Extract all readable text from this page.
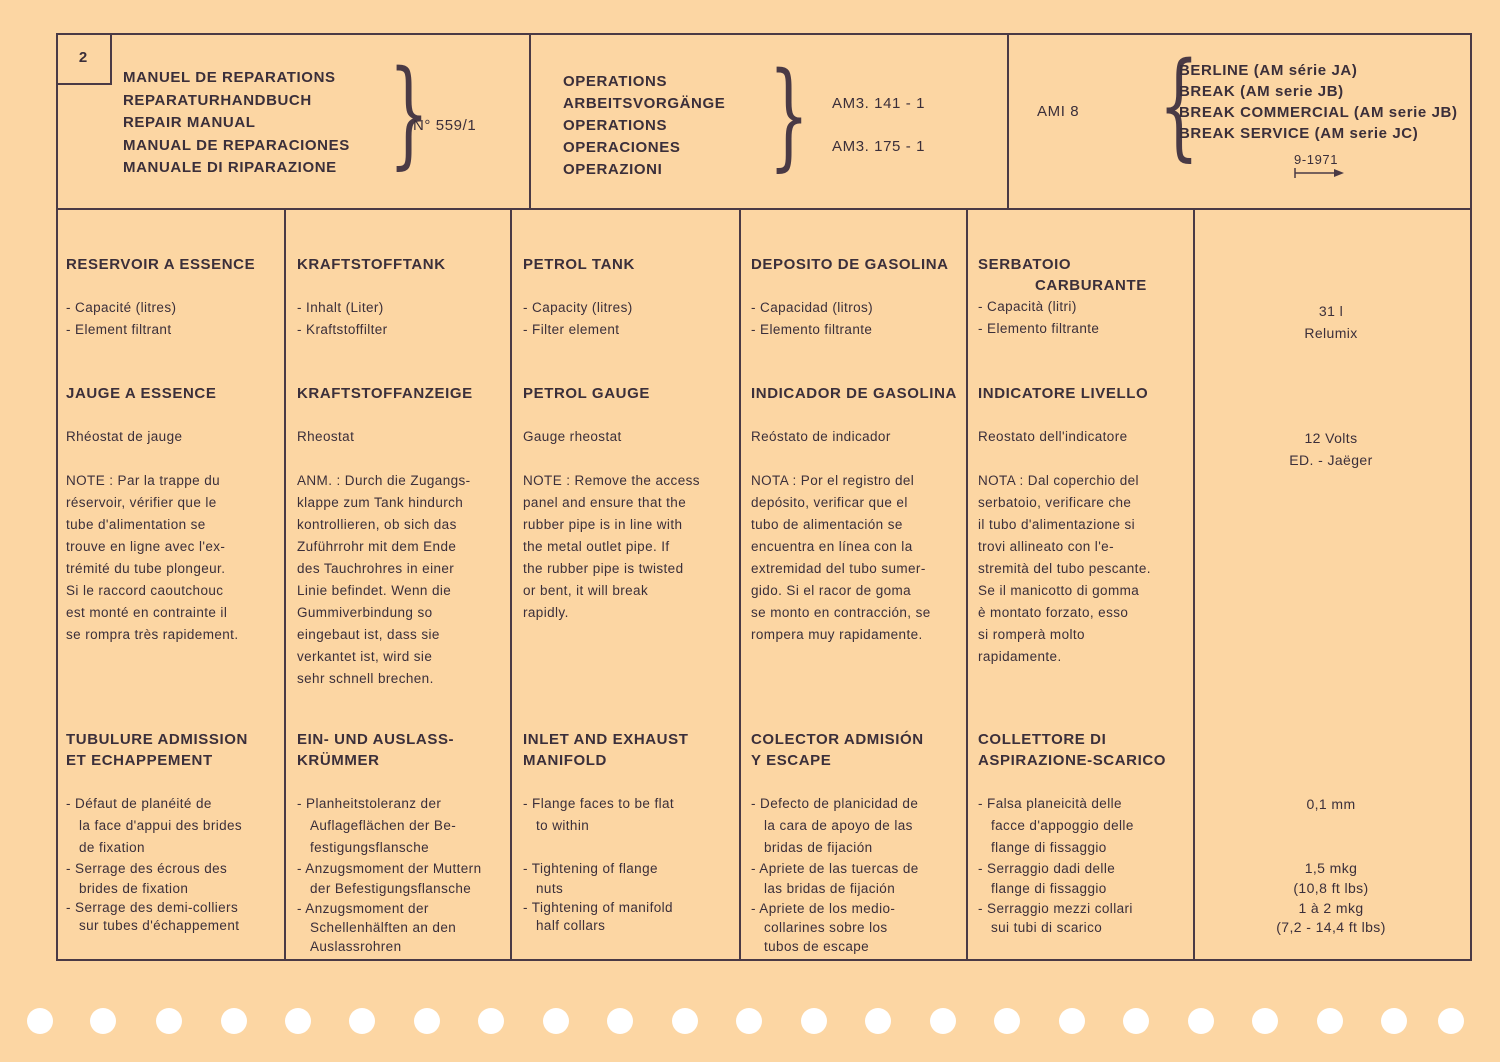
2
MANUEL DE REPARATIONS
REPARATURHANDBUCH
REPAIR MANUAL
MANUAL DE REPARACIONES
MANUALE DI RIPARAZIONE }
N° 559/1
OPERATIONS
ARBEITSVORGÄNGE
OPERATIONS
OPERACIONES
OPERAZIONI } AM3. 141 - 1
AM3. 175 - 1
AMI 8 {
BERLINE (AM série JA)
BREAK (AM serie JB)
BREAK COMMERCIAL (AM serie JB)
BREAK SERVICE (AM serie JC)
9-1971
RESERVOIR A ESSENCE
- Capacité (litres)
- Element filtrant
KRAFTSTOFFTANK
- Inhalt (Liter)
- Kraftstoffilter
PETROL TANK
- Capacity (litres)
- Filter element
DEPOSITO DE GASOLINA
- Capacidad (litros)
- Elemento filtrante
SERBATOIO
CARBURANTE
- Capacità (litri)
- Elemento filtrante
31 l
Relumix
JAUGE A ESSENCE
Rhéostat de jauge
NOTE : Par la trappe du
réservoir, vérifier que le
tube d'alimentation se
trouve en ligne avec l'ex-
trémité du tube plongeur.
Si le raccord caoutchouc
est monté en contrainte il
se rompra très rapidement.
KRAFTSTOFFANZEIGE
Rheostat
ANM. : Durch die Zugangs-
klappe zum Tank hindurch
kontrollieren, ob sich das
Zuführrohr mit dem Ende
des Tauchrohres in einer
Linie befindet. Wenn die
Gummiverbindung so
eingebaut ist, dass sie
verkantet ist, wird sie
sehr schnell brechen.
PETROL GAUGE
Gauge rheostat
NOTE : Remove the access
panel and ensure that the
rubber pipe is in line with
the metal outlet pipe. If
the rubber pipe is twisted
or bent, it will break
rapidly.
INDICADOR DE GASOLINA
Reóstato de indicador
NOTA : Por el registro del
depósito, verificar que el
tubo de alimentación se
encuentra en línea con la
extremidad del tubo sumer-
gido. Si el racor de goma
se monto en contracción, se
rompera muy rapidamente.
INDICATORE LIVELLO
Reostato dell'indicatore
NOTA : Dal coperchio del
serbatoio, verificare che
il tubo d'alimentazione si
trovi allineato con l'e-
stremità del tubo pescante.
Se il manicotto di gomma
è montato forzato, esso
si romperà molto
rapidamente.
12 Volts
ED. - Jaëger
TUBULURE ADMISSION
ET ECHAPPEMENT
- Défaut de planéité de
la face d'appui des brides
de fixation
- Serrage des écrous des
brides de fixation
- Serrage des demi-colliers
sur tubes d'échappement
EIN- UND AUSLASS-
KRÜMMER
- Planheitstoleranz der
Auflageflächen der Be-
festigungsflansche
- Anzugsmoment der Muttern
der Befestigungsflansche
- Anzugsmoment der
Schellenhälften an den
Auslassrohren
INLET AND EXHAUST
MANIFOLD
- Flange faces to be flat
to within
- Tightening of flange
nuts
- Tightening of manifold
half collars
COLECTOR ADMISIÓN
Y ESCAPE
- Defecto de planicidad de
la cara de apoyo de las
bridas de fijación
- Apriete de las tuercas de
las bridas de fijación
- Apriete de los medio-
collarines sobre los
tubos de escape
COLLETTORE DI
ASPIRAZIONE-SCARICO
- Falsa planeicità delle
facce d'appoggio delle
flange di fissaggio
- Serraggio dadi delle
flange di fissaggio
- Serraggio mezzi collari
sui tubi di scarico
0,1 mm
1,5 mkg
(10,8 ft lbs)
1 à 2 mkg
(7,2 - 14,4 ft lbs)
